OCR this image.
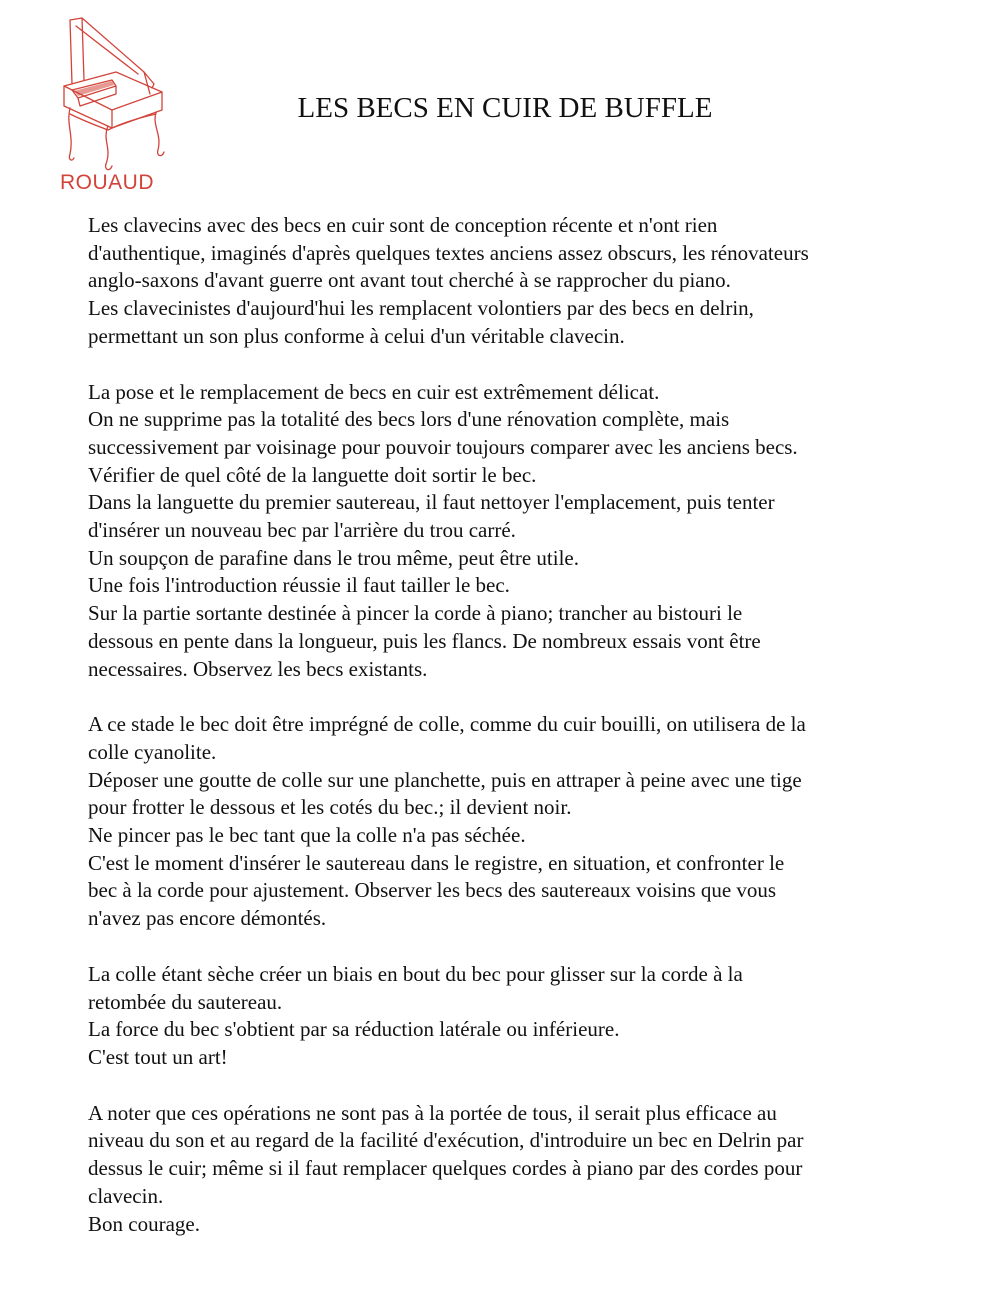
ROUAUD
LES BECS EN CUIR DE BUFFLE
Les clavecins avec des becs en cuir sont de conception récente et n'ont rien
d'authentique, imaginés d'après quelques textes anciens assez obscurs, les rénovateurs
anglo-saxons d'avant guerre ont avant tout cherché à se rapprocher du piano.
Les clavecinistes d'aujourd'hui les remplacent volontiers par des becs en delrin,
permettant un son plus conforme à celui d'un véritable clavecin.
La pose et le remplacement de becs en cuir est extrêmement délicat.
On ne supprime pas la totalité des becs lors d'une rénovation complète, mais
successivement par voisinage pour pouvoir toujours comparer avec les anciens becs.
Vérifier de quel côté de la languette doit sortir le bec.
Dans la languette du premier sautereau, il faut nettoyer l'emplacement, puis tenter
d'insérer un nouveau bec par l'arrière du trou carré.
Un soupçon de parafine dans le trou même, peut être utile.
Une fois l'introduction réussie il faut tailler le bec.
Sur la partie sortante destinée à pincer la corde à piano; trancher au bistouri le
dessous en pente dans la longueur, puis les flancs. De nombreux essais vont être
necessaires. Observez les becs existants.
A ce stade le bec doit être imprégné de colle, comme du cuir bouilli, on utilisera de la
colle cyanolite.
Déposer une goutte de colle sur une planchette, puis en attraper à peine avec une tige
pour frotter le dessous et les cotés du bec.; il devient noir.
Ne pincer pas le bec tant que la colle n'a pas séchée.
C'est le moment d'insérer le sautereau dans le registre, en situation, et confronter le
bec à la corde pour ajustement. Observer les becs des sautereaux voisins que vous
n'avez pas encore démontés.
La colle étant sèche créer un biais en bout du bec pour glisser sur la corde à la
retombée du sautereau.
La force du bec s'obtient par sa réduction latérale ou inférieure.
C'est tout un art!
A noter que ces opérations ne sont pas à la portée de tous, il serait plus efficace au
niveau du son et au regard de la facilité d'exécution, d'introduire un bec en Delrin par
dessus le cuir; même si il faut remplacer quelques cordes à piano par des cordes pour
clavecin.
Bon courage.
